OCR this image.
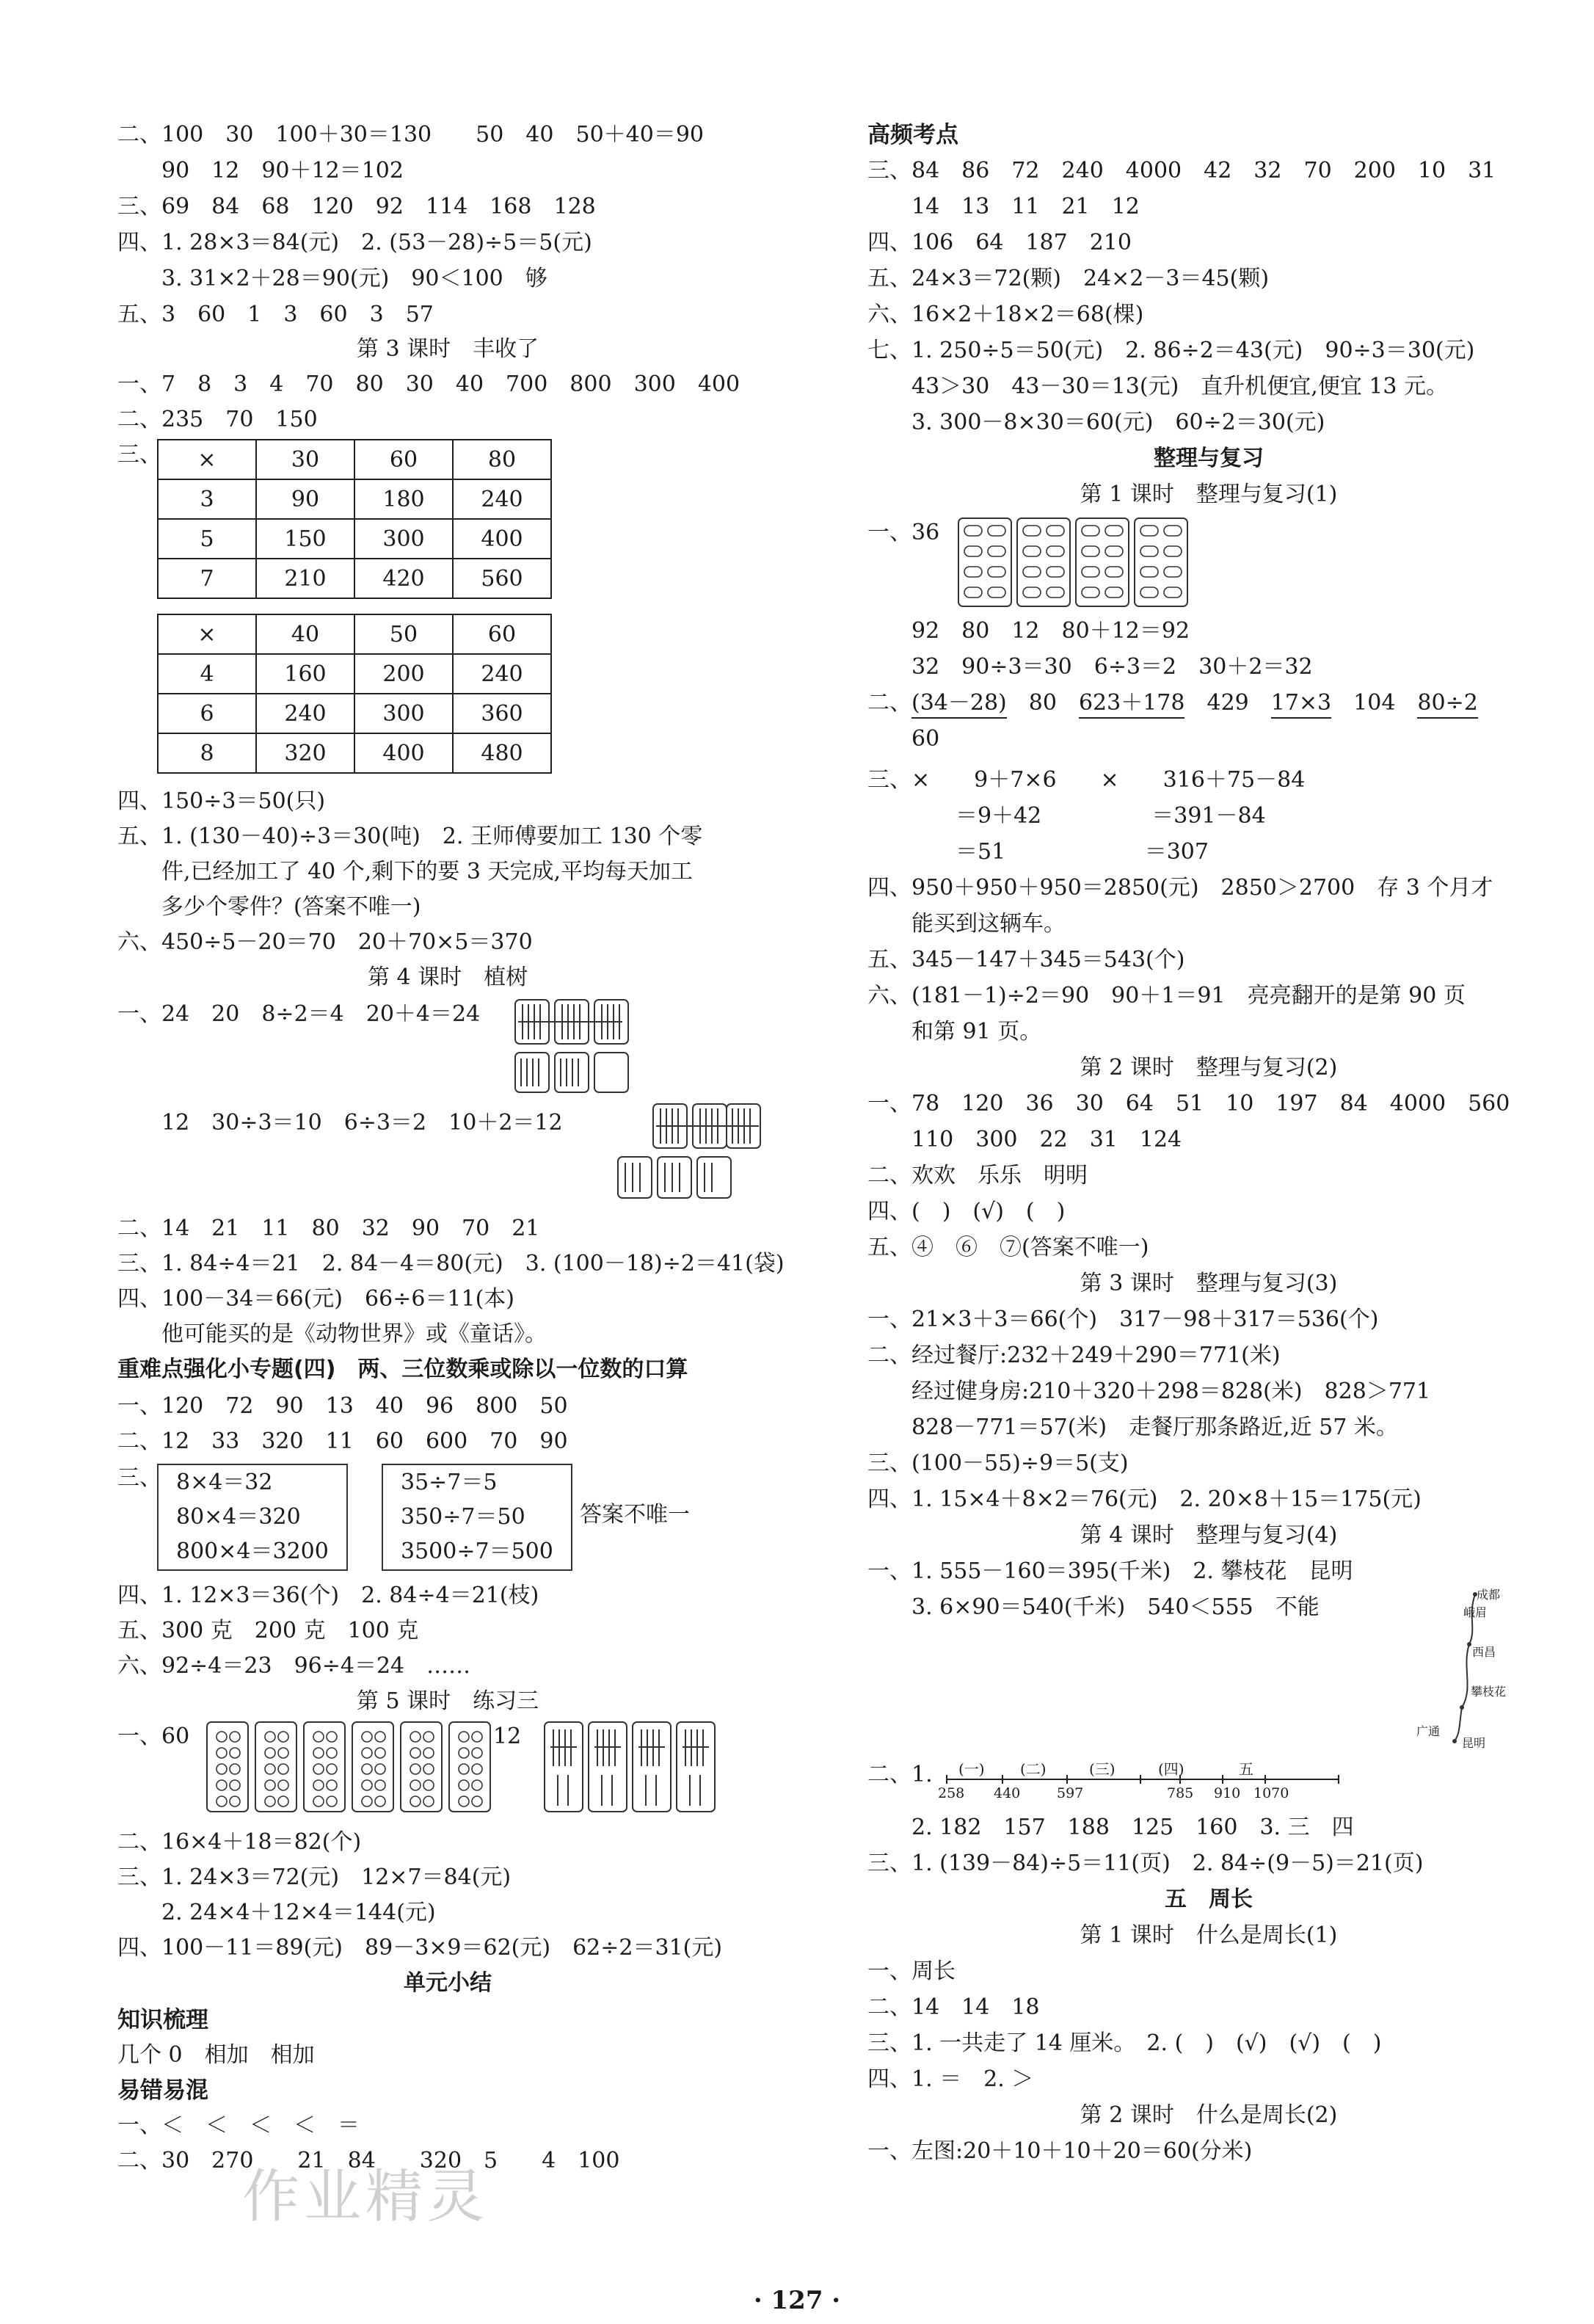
二、100　30　100＋30＝130　　50　40　50＋40＝90
　　90　12　90＋12＝102
三、69　84　68　120　92　114　168　128
四、1. 28×3＝84(元)　2. (53－28)÷5＝5(元)
　　3. 31×2＋28＝90(元)　90＜100　够
五、3　60　1　3　60　3　57
第 3 课时　丰收了
一、7　8　3　4　70　80　30　40　700　800　300　400
二、235　70　150
三、 ×	30	60	80
3	90	180	240
5	150	300	400
7	210	420	560
×	40	50	60
4	160	200	240
6	240	300	360
8	320	400	480
四、150÷3＝50(只)
五、1. (130－40)÷3＝30(吨)　2. 王师傅要加工 130 个零
　　件,已经加工了 40 个,剩下的要 3 天完成,平均每天加工
　　多少个零件？(答案不唯一)
六、450÷5－20＝70　20＋70×5＝370
第 4 课时　植树
一、24　20　8÷2＝4　20＋4＝24
　　12　30÷3＝10　6÷3＝2　10＋2＝12
二、14　21　11　80　32　90　70　21
三、1. 84÷4＝21　2. 84－4＝80(元)　3. (100－18)÷2＝41(袋)
四、100－34＝66(元)　66÷6＝11(本)
　　他可能买的是《动物世界》或《童话》。
重难点强化小专题(四)　两、三位数乘或除以一位数的口算
一、120　72　90　13　40　96　800　50
二、12　33　320　11　60　600　70　90
三、 8×4＝32
80×4＝320
800×4＝3200
35÷7＝5
350÷7＝50
3500÷7＝500
答案不唯一
四、1. 12×3＝36(个)　2. 84÷4＝21(枝)
五、300 克　200 克　100 克
六、92÷4＝23　96÷4＝24　……
第 5 课时　练习三
一、60	12
二、16×4＋18＝82(个)
三、1. 24×3＝72(元)　12×7＝84(元)
　　2. 24×4＋12×4＝144(元)
四、100－11＝89(元)　89－3×9＝62(元)　62÷2＝31(元)
单元小结
知识梳理
几个 0　相加　相加
易错易混
一、＜　＜　＜　＜　＝
二、30　270　　21　84　　320　5　　4　100
高频考点
三、84　86　72　240　4000　42　32　70　200　10　31
　　14　13　11　21　12
四、106　64　187　210
五、24×3＝72(颗)　24×2－3＝45(颗)
六、16×2＋18×2＝68(棵)
七、1. 250÷5＝50(元)　2. 86÷2＝43(元)　90÷3＝30(元)
　　43＞30　43－30＝13(元)　直升机便宜,便宜 13 元。
　　3. 300－8×30＝60(元)　60÷2＝30(元)
整理与复习
第 1 课时　整理与复习(1)
一、36
　　92　80　12　80＋12＝92
　　32　90÷3＝30　6÷3＝2　30＋2＝32
二、(34－28)　 80　 623＋178　 429　 17×3　 104　 80÷2
　　60
三、×　　9＋7×6　　×　　316＋75－84
　　　　＝9＋42　　　　　＝391－84
　　　　＝51　　　　　　 ＝307
四、950＋950＋950＝2850(元)　2850＞2700　存 3 个月才
　　能买到这辆车。
五、345－147＋345＝543(个)
六、(181－1)÷2＝90　90＋1＝91　亮亮翻开的是第 90 页
　　和第 91 页。
第 2 课时　整理与复习(2)
一、78　120　36　30　64　51　10　197　84　4000　560
　　110　300　22　31　124
二、欢欢　乐乐　明明
四、(　)　(√)　(　)
五、④　⑥　⑦(答案不唯一)
第 3 课时　整理与复习(3)
一、21×3＋3＝66(个)　317－98＋317＝536(个)
二、经过餐厅:232＋249＋290＝771(米)
　　经过健身房:210＋320＋298＝828(米)　828＞771
　　828－771＝57(米)　走餐厅那条路近,近 57 米。
三、(100－55)÷9＝5(支)
四、1. 15×4＋8×2＝76(元)　2. 20×8＋15＝175(元)
第 4 课时　整理与复习(4)
一、1. 555－160＝395(千米)　2. 攀枝花　昆明
　　3. 6×90＝540(千米)　540＜555　不能	成都
峨眉
西昌
攀枝花
广通
昆明
二、1. (一) (二)	(三)	(四)	五
258 440	597	785 910 1070
　　2. 182　157　188　125　160　3. 三　四
三、1. (139－84)÷5＝11(页)　2. 84÷(9－5)＝21(页)
五　周长
第 1 课时　什么是周长(1)
一、周长
二、14　14　18
三、1. 一共走了 14 厘米。　2. (　)　(√)　(√)　(　)
四、1. ＝　2. ＞
第 2 课时　什么是周长(2)
一、左图:20＋10＋10＋20＝60(分米)
· 127 ·
作业精灵
